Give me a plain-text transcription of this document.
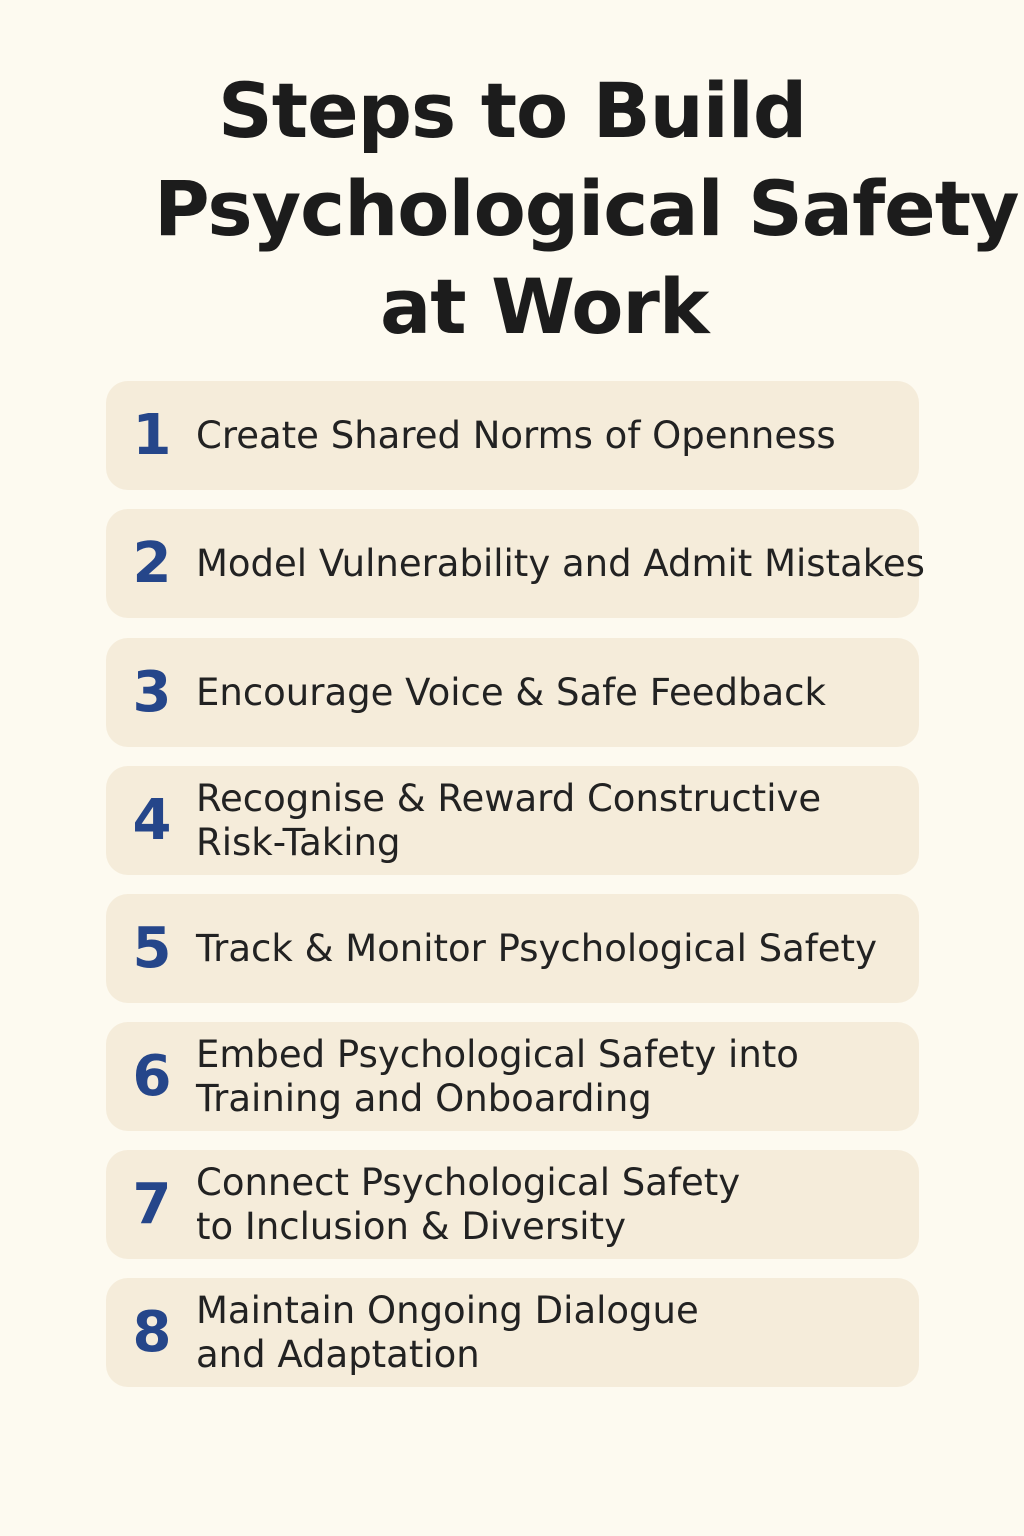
Steps to Build
Psychological Safety
at Work
1 Create Shared Norms of Openness
2 Model Vulnerability and Admit Mistakes
3 Encourage Voice & Safe Feedback
4 Recognise & Reward Constructive
Risk-Taking
5 Track & Monitor Psychological Safety
6 Embed Psychological Safety into
Training and Onboarding
7 Connect Psychological Safety
to Inclusion & Diversity
8 Maintain Ongoing Dialogue
and Adaptation
